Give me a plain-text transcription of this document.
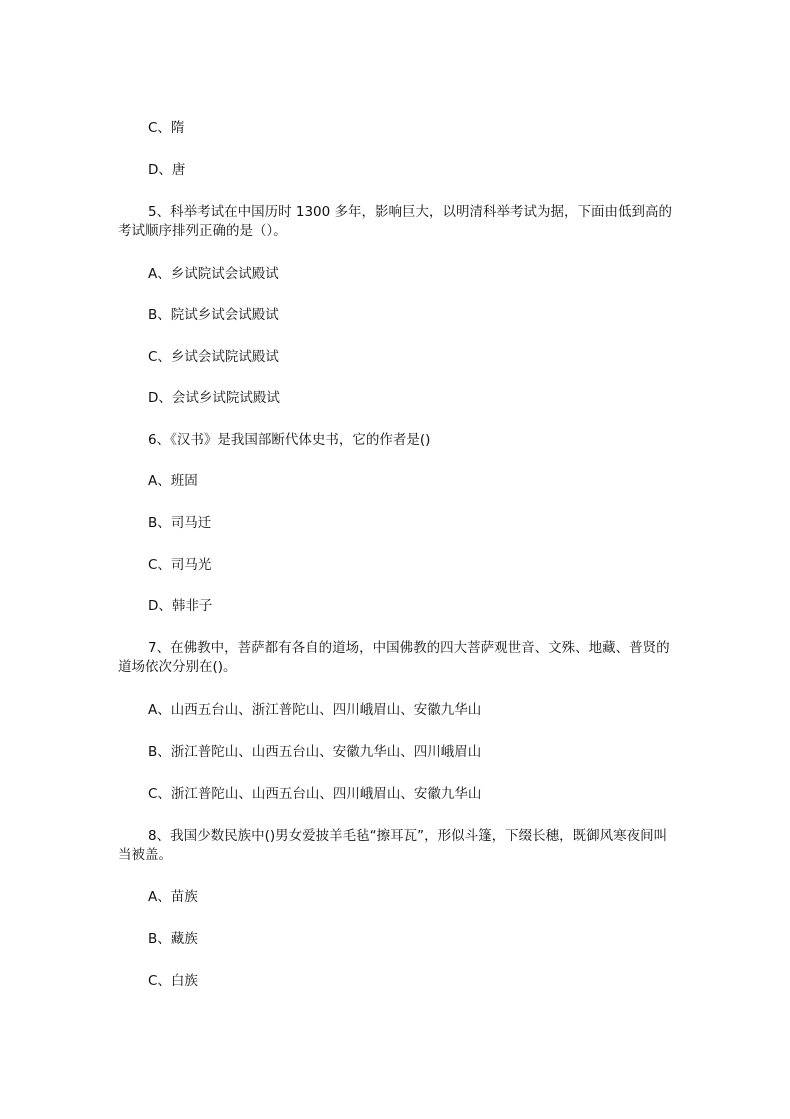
C、隋
D、唐

5、科举考试在中国历时 1300 多年，影响巨大，以明清科举考试为据，下面由低到高的考试顺序排列正确的是（）。

A、乡试院试会试殿试
B、院试乡试会试殿试
C、乡试会试院试殿试
D、会试乡试院试殿试

6、《汉书》是我国部断代体史书，它的作者是()

A、班固
B、司马迁
C、司马光
D、韩非子

7、在佛教中，菩萨都有各自的道场，中国佛教的四大菩萨观世音、文殊、地藏、普贤的道场依次分别在()。

A、山西五台山、浙江普陀山、四川峨眉山、安徽九华山
B、浙江普陀山、山西五台山、安徽九华山、四川峨眉山
C、浙江普陀山、山西五台山、四川峨眉山、安徽九华山

8、我国少数民族中()男女爱披羊毛毡“擦耳瓦”，形似斗篷，下缀长穗，既御风寒夜间叫当被盖。

A、苗族
B、藏族
C、白族
